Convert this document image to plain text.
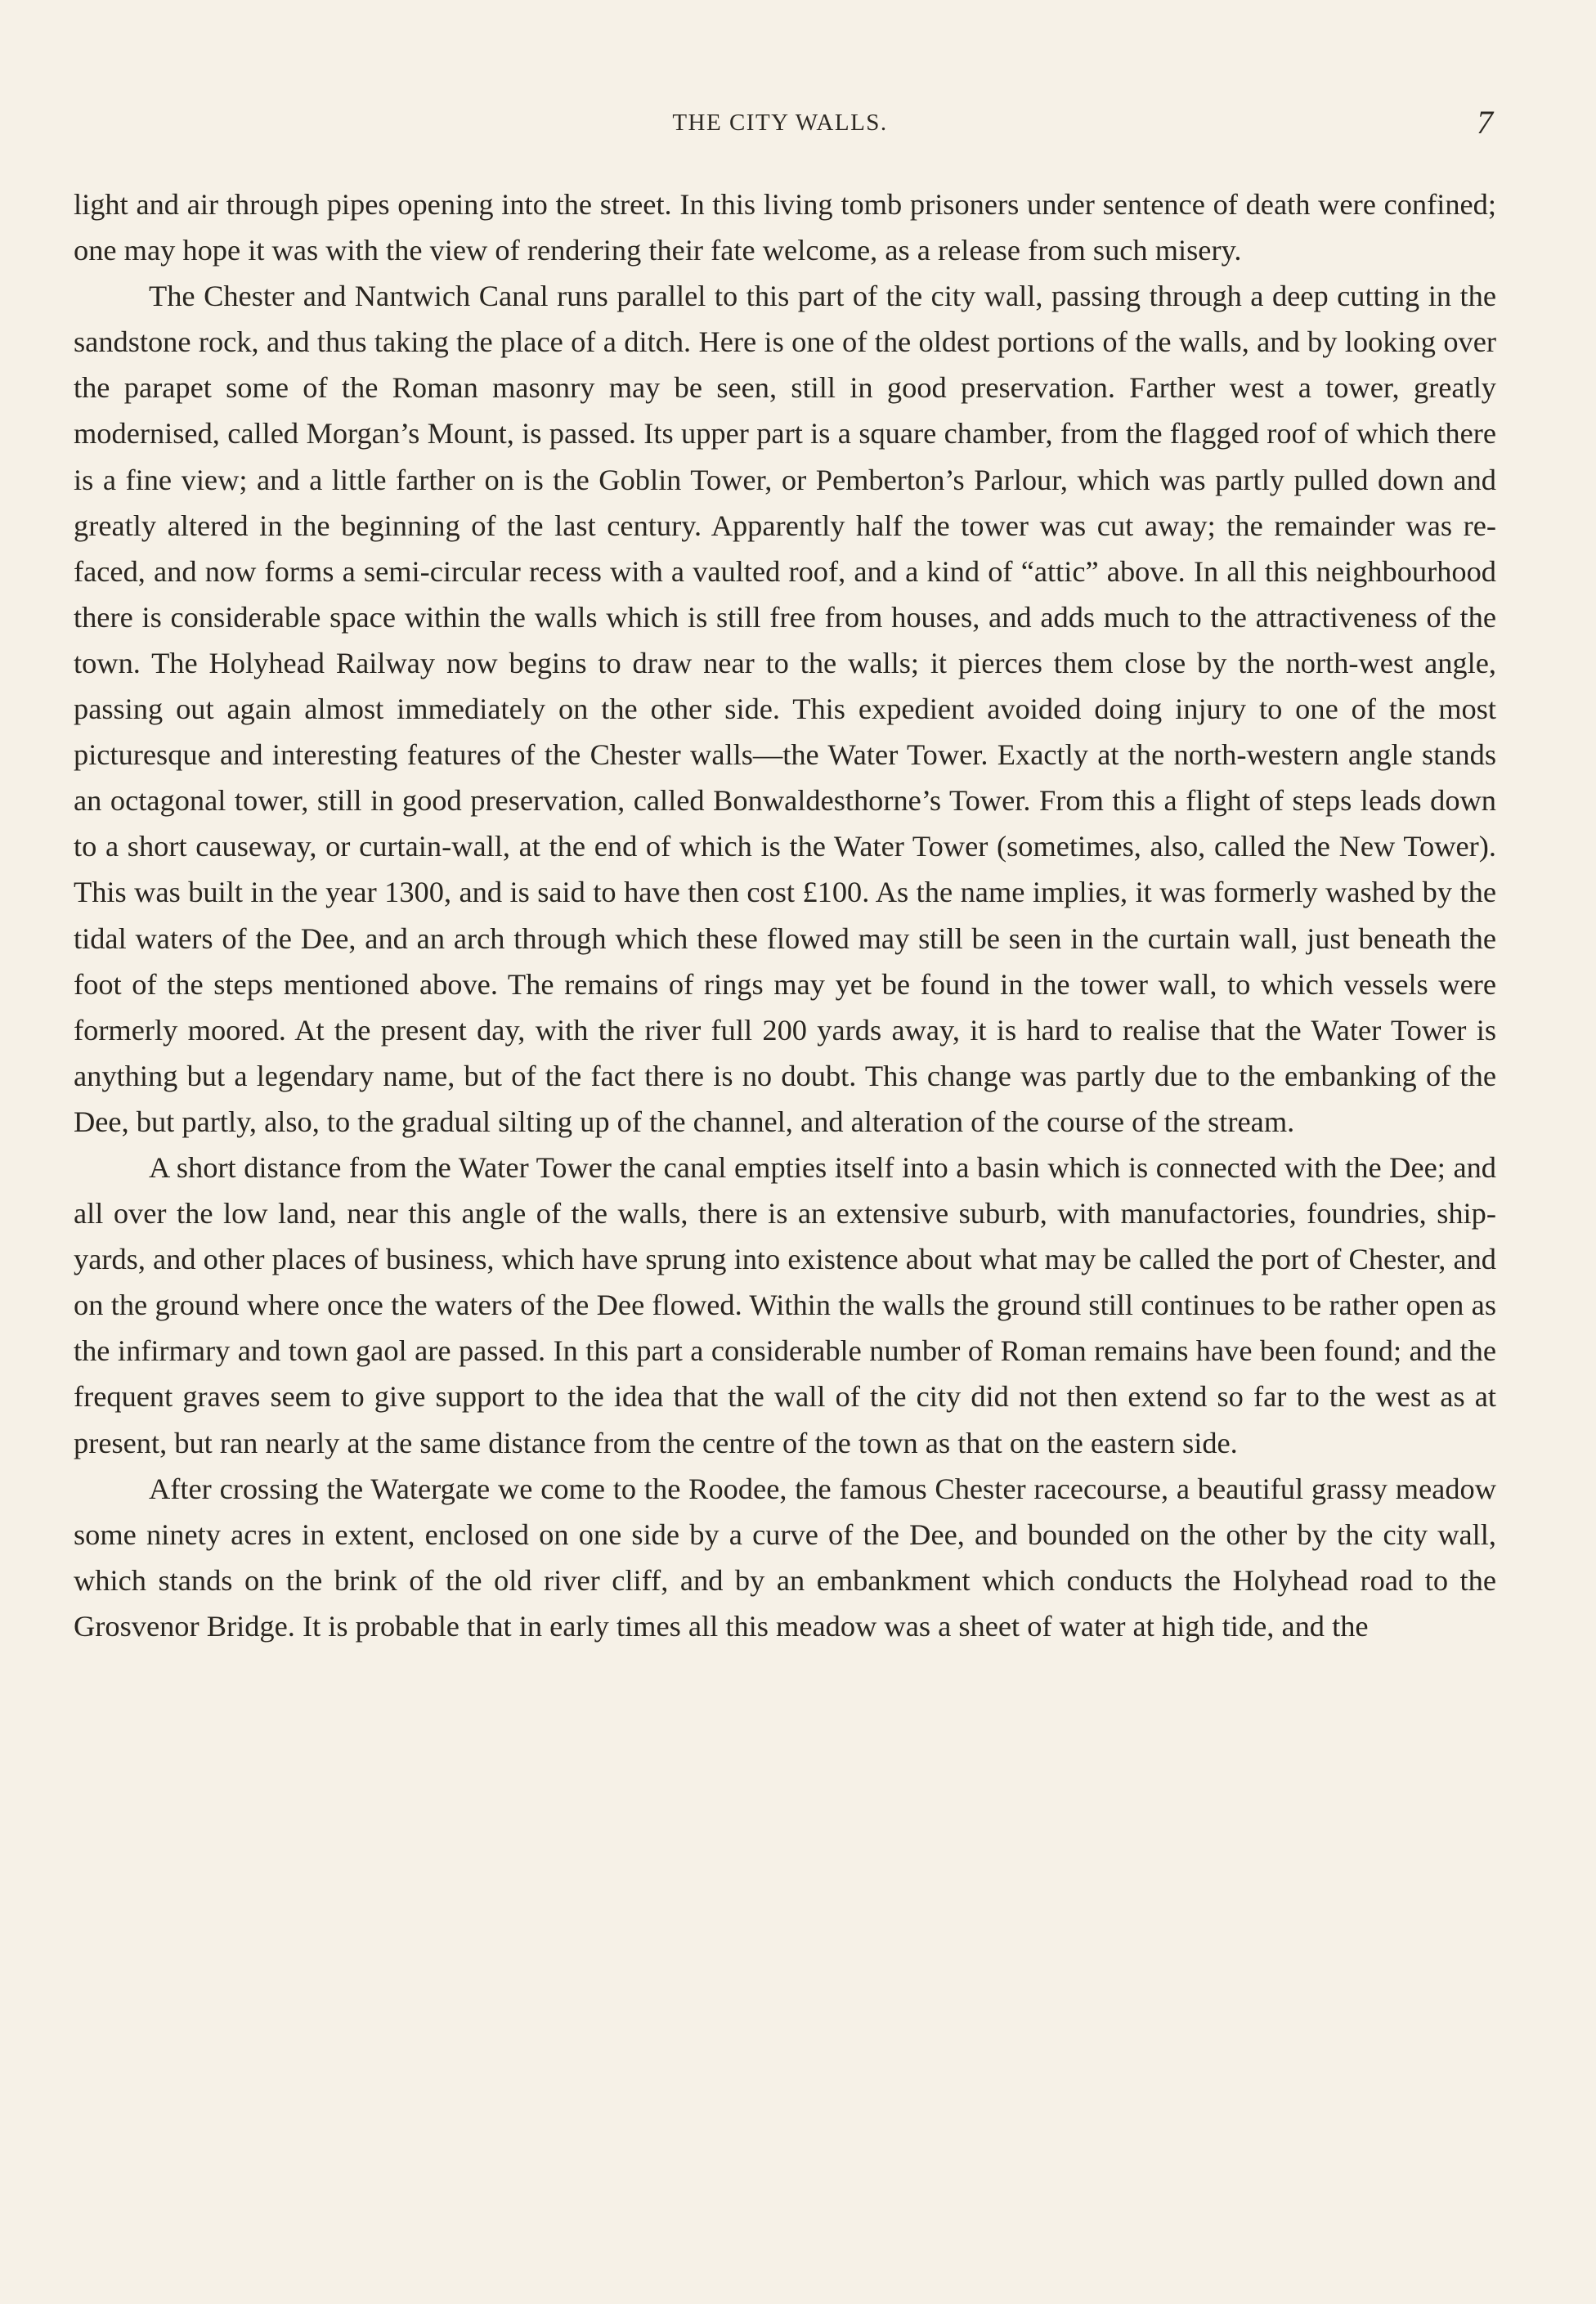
THE CITY WALLS.	7

light and air through pipes opening into the street. In this living tomb prisoners under sentence of death were confined; one may hope it was with the view of rendering their fate welcome, as a release from such misery.

The Chester and Nantwich Canal runs parallel to this part of the city wall, passing through a deep cutting in the sandstone rock, and thus taking the place of a ditch. Here is one of the oldest portions of the walls, and by looking over the parapet some of the Roman masonry may be seen, still in good preservation. Farther west a tower, greatly modernised, called Morgan’s Mount, is passed. Its upper part is a square chamber, from the flagged roof of which there is a fine view; and a little farther on is the Goblin Tower, or Pemberton’s Parlour, which was partly pulled down and greatly altered in the beginning of the last century. Apparently half the tower was cut away; the remainder was re-faced, and now forms a semi-circular recess with a vaulted roof, and a kind of “attic” above. In all this neighbourhood there is considerable space within the walls which is still free from houses, and adds much to the attractiveness of the town. The Holyhead Railway now begins to draw near to the walls; it pierces them close by the north-west angle, passing out again almost immediately on the other side. This expedient avoided doing injury to one of the most picturesque and interesting features of the Chester walls—the Water Tower. Exactly at the north-western angle stands an octagonal tower, still in good preservation, called Bonwaldesthorne’s Tower. From this a flight of steps leads down to a short causeway, or curtain-wall, at the end of which is the Water Tower (sometimes, also, called the New Tower). This was built in the year 1300, and is said to have then cost £100. As the name implies, it was formerly washed by the tidal waters of the Dee, and an arch through which these flowed may still be seen in the curtain wall, just beneath the foot of the steps mentioned above. The remains of rings may yet be found in the tower wall, to which vessels were formerly moored. At the present day, with the river full 200 yards away, it is hard to realise that the Water Tower is anything but a legendary name, but of the fact there is no doubt. This change was partly due to the embanking of the Dee, but partly, also, to the gradual silting up of the channel, and alteration of the course of the stream.

A short distance from the Water Tower the canal empties itself into a basin which is connected with the Dee; and all over the low land, near this angle of the walls, there is an extensive suburb, with manufactories, foundries, ship-yards, and other places of business, which have sprung into existence about what may be called the port of Chester, and on the ground where once the waters of the Dee flowed. Within the walls the ground still continues to be rather open as the infirmary and town gaol are passed. In this part a considerable number of Roman remains have been found; and the frequent graves seem to give support to the idea that the wall of the city did not then extend so far to the west as at present, but ran nearly at the same distance from the centre of the town as that on the eastern side.

After crossing the Watergate we come to the Roodee, the famous Chester racecourse, a beautiful grassy meadow some ninety acres in extent, enclosed on one side by a curve of the Dee, and bounded on the other by the city wall, which stands on the brink of the old river cliff, and by an embankment which conducts the Holyhead road to the Grosvenor Bridge. It is probable that in early times all this meadow was a sheet of water at high tide, and the
